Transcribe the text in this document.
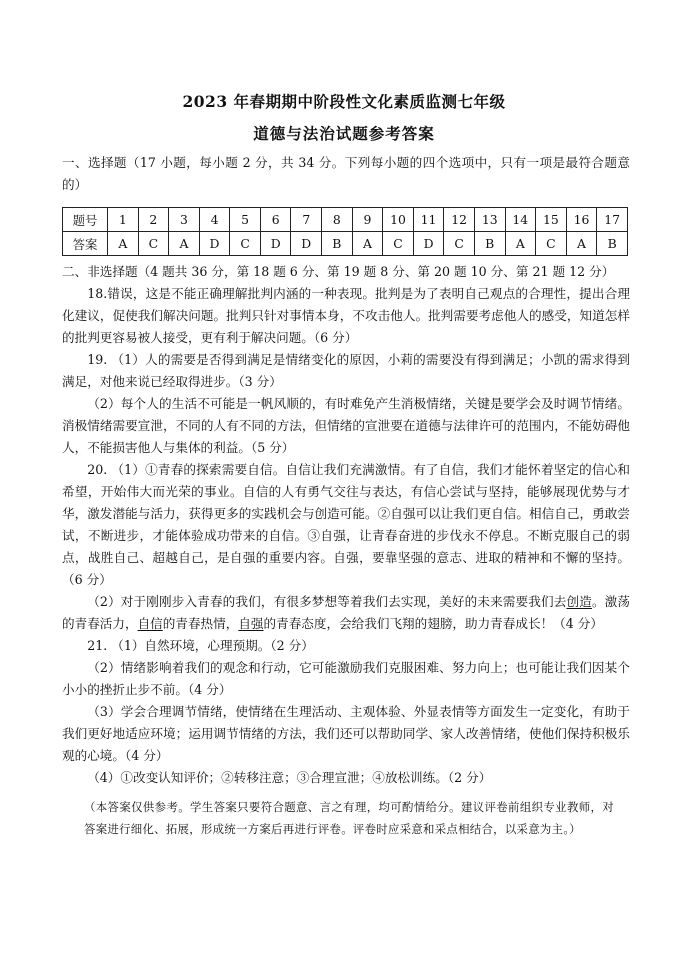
2023 年春期期中阶段性文化素质监测七年级
道德与法治试题参考答案
一、选择题（17 小题，每小题 2 分，共 34 分。下列每小题的四个选项中，只有一项是最符合题意的）
题号	1	2	3	4	5	6	7	8	9	10	11	12	13	14	15	16	17
答案	A	C	A	D	C	D	D	B	A	C	D	C	B	A	C	A	B

二、非选择题（4 题共 36 分，第 18 题 6 分、第 19 题 8 分、第 20 题 10 分、第 21 题 12 分）

18.错误，这是不能正确理解批判内涵的一种表现。批判是为了表明自己观点的合理性，提出合理化建议，促使我们解决问题。批判只针对事情本身，不攻击他人。批判需要考虑他人的感受，知道怎样的批判更容易被人接受，更有利于解决问题。（6 分）

19. （1）人的需要是否得到满足是情绪变化的原因，小莉的需要没有得到满足；小凯的需求得到满足，对他来说已经取得进步。（3 分）

（2）每个人的生活不可能是一帆风顺的，有时难免产生消极情绪，关键是要学会及时调节情绪。消极情绪需要宣泄，不同的人有不同的方法，但情绪的宣泄要在道德与法律许可的范围内，不能妨碍他人，不能损害他人与集体的利益。（5 分）

20. （1）①青春的探索需要自信。自信让我们充满激情。有了自信，我们才能怀着坚定的信心和希望，开始伟大而光荣的事业。自信的人有勇气交往与表达，有信心尝试与坚持，能够展现优势与才华，激发潜能与活力，获得更多的实践机会与创造可能。②自强可以让我们更自信。相信自己，勇敢尝试，不断进步，才能体验成功带来的自信。③自强，让青春奋进的步伐永不停息。不断克服自己的弱点，战胜自己、超越自己，是自强的重要内容。自强，要靠坚强的意志、进取的精神和不懈的坚持。（6 分）

（2）对于刚刚步入青春的我们，有很多梦想等着我们去实现，美好的未来需要我们去创造。激荡的青春活力，自信的青春热情，自强的青春态度，会给我们飞翔的翅膀，助力青春成长！（4 分）

21. （1）自然环境，心理预期。（2 分）

（2）情绪影响着我们的观念和行动，它可能激励我们克服困难、努力向上；也可能让我们因某个小小的挫折止步不前。（4 分）

（3）学会合理调节情绪，使情绪在生理活动、主观体验、外显表情等方面发生一定变化，有助于我们更好地适应环境；运用调节情绪的方法，我们还可以帮助同学、家人改善情绪，使他们保持积极乐观的心境。（4 分）

（4）①改变认知评价；②转移注意；③合理宣泄；④放松训练。（2 分）

（本答案仅供参考。学生答案只要符合题意、言之有理，均可酌情给分。建议评卷前组织专业教师，对答案进行细化、拓展，形成统一方案后再进行评卷。评卷时应采意和采点相结合，以采意为主。）
